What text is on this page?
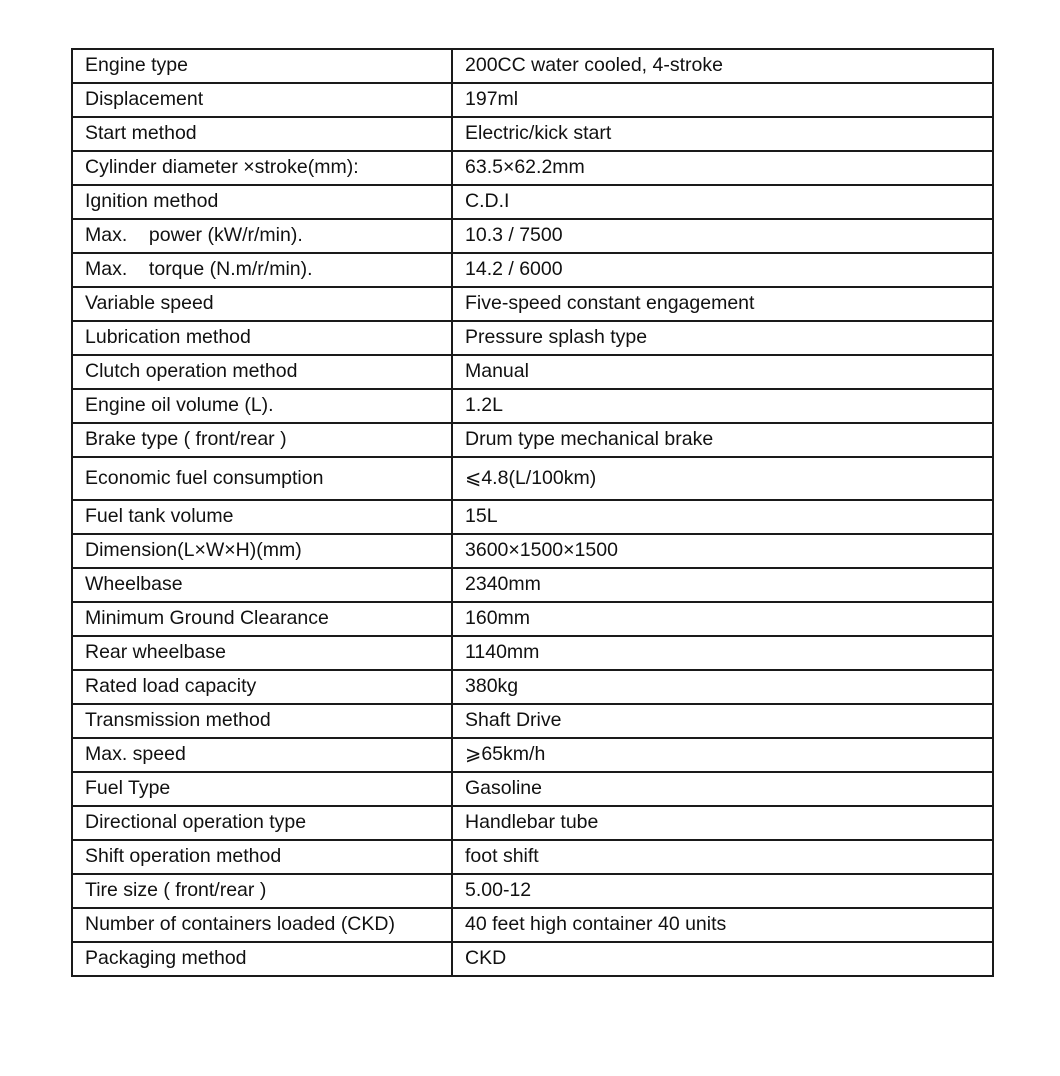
Engine type	200CC water cooled, 4-stroke
Displacement	197ml
Start method	Electric/kick start
Cylinder diameter ×stroke(mm):	63.5×62.2mm
Ignition method	C.D.I
Max.    power (kW/r/min).	10.3 / 7500
Max.    torque (N.m/r/min).	14.2 / 6000
Variable speed	Five-speed constant engagement
Lubrication method	Pressure splash type
Clutch operation method	Manual
Engine oil volume (L).	1.2L
Brake type ( front/rear )	Drum type mechanical brake
Economic fuel consumption	⩽4.8(L/100km)
Fuel tank volume	15L
Dimension(L×W×H)(mm)	3600×1500×1500
Wheelbase	2340mm
Minimum Ground Clearance	160mm
Rear wheelbase	1140mm
Rated load capacity	380kg
Transmission method	Shaft Drive
Max. speed	⩾65km/h
Fuel Type	Gasoline
Directional operation type	Handlebar tube
Shift operation method	foot shift
Tire size ( front/rear )	5.00-12
Number of containers loaded (CKD)	40 feet high container 40 units
Packaging method	CKD
